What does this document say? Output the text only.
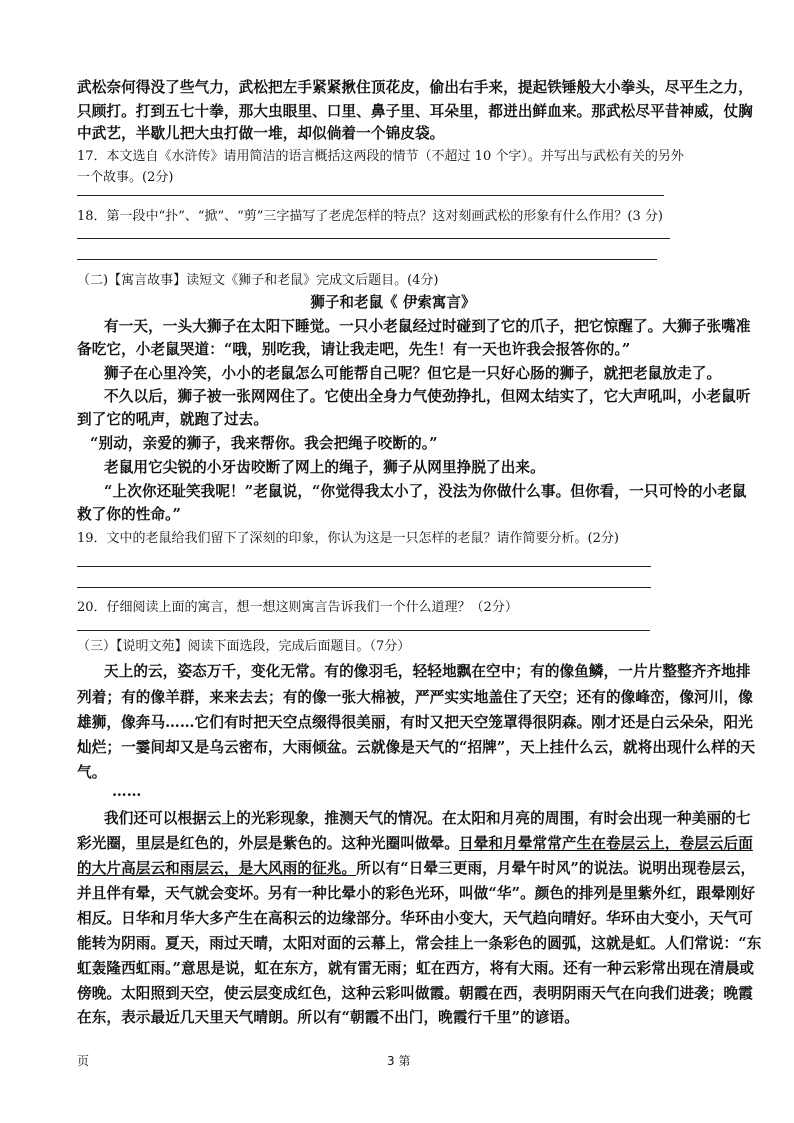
武松奈何得没了些气力，武松把左手紧紧揪住顶花皮，偷出右手来，提起铁锤般大小拳头，尽平生之力，
只顾打。打到五七十拳，那大虫眼里、口里、鼻子里、耳朵里，都迸出鲜血来。那武松尽平昔神威，仗胸
中武艺，半歇儿把大虫打做一堆，却似倘着一个锦皮袋。
17．本文选自《水浒传》请用简洁的语言概括这两段的情节（不超过 10 个字）。并写出与武松有关的另外
一个故事。(2分)
18．第一段中“扑”、“掀”、“剪”三字描写了老虎怎样的特点？这对刻画武松的形象有什么作用？(3 分)
（二)【寓言故事】读短文《狮子和老鼠》完成文后题目。(4分)
狮子和老鼠《 伊索寓言》
有一天，一头大狮子在太阳下睡觉。一只小老鼠经过时碰到了它的爪子，把它惊醒了。大狮子张嘴准
备吃它，小老鼠哭道：“哦，别吃我，请让我走吧，先生！有一天也许我会报答你的。”
狮子在心里冷笑，小小的老鼠怎么可能帮自己呢？但它是一只好心肠的狮子，就把老鼠放走了。
不久以后，狮子被一张网网住了。它使出全身力气使劲挣扎，但网太结实了，它大声吼叫，小老鼠听
到了它的吼声，就跑了过去。
“别动，亲爱的狮子，我来帮你。我会把绳子咬断的。”
老鼠用它尖锐的小牙齿咬断了网上的绳子，狮子从网里挣脱了出来。
“上次你还耻笑我呢！”老鼠说，“你觉得我太小了，没法为你做什么事。但你看，一只可怜的小老鼠
救了你的性命。”
19．文中的老鼠给我们留下了深刻的印象，你认为这是一只怎样的老鼠？请作简要分析。(2分)
20．仔细阅读上面的寓言，想一想这则寓言告诉我们一个什么道理？（2分）
（三）【说明文苑】阅读下面选段，完成后面题目。（7分）
天上的云，姿态万千，变化无常。有的像羽毛，轻轻地飘在空中；有的像鱼鳞，一片片整整齐齐地排
列着；有的像羊群，来来去去；有的像一张大棉被，严严实实地盖住了天空；还有的像峰峦，像河川，像
雄狮，像奔马……它们有时把天空点缀得很美丽，有时又把天空笼罩得很阴森。刚才还是白云朵朵，阳光
灿烂；一霎间却又是乌云密布，大雨倾盆。云就像是天气的“招牌”，天上挂什么云，就将出现什么样的天
气。
……
我们还可以根据云上的光彩现象，推测天气的情况。在太阳和月亮的周围，有时会出现一种美丽的七
彩光圈，里层是红色的，外层是紫色的。这种光圈叫做晕。日晕和月晕常常产生在卷层云上，卷层云后面
的大片高层云和雨层云，是大风雨的征兆。所以有“日晕三更雨，月晕午时风”的说法。说明出现卷层云，
并且伴有晕，天气就会变坏。另有一种比晕小的彩色光环，叫做“华”。颜色的排列是里紫外红，跟晕刚好
相反。日华和月华大多产生在高积云的边缘部分。华环由小变大，天气趋向晴好。华环由大变小，天气可
能转为阴雨。夏天，雨过天晴，太阳对面的云幕上，常会挂上一条彩色的圆弧，这就是虹。人们常说：“东
虹轰隆西虹雨。”意思是说，虹在东方，就有雷无雨；虹在西方，将有大雨。还有一种云彩常出现在清晨或
傍晚。太阳照到天空，使云层变成红色，这种云彩叫做霞。朝霞在西，表明阴雨天气在向我们进袭；晚霞
在东，表示最近几天里天气晴朗。所以有“朝霞不出门，晚霞行千里”的谚语。
页	3 第
